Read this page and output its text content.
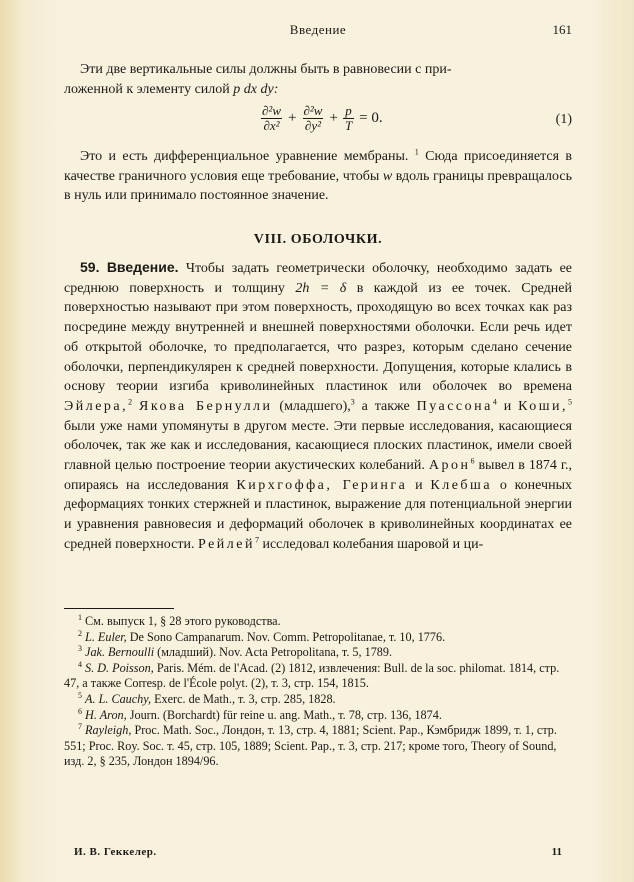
Введение	161

Эти две вертикальные силы должны быть в равновесии с при-

ложенной к элементу силой p dx dy:

$\frac{\text{∂²w}}{\text{∂x²}} + \frac{\text{∂²w}}{\text{∂y²}} + \frac{p}{T} = 0$.	(1)

Это и есть дифференциальное уравнение мембраны. $^1$ Сюда присоединяется в качестве граничного условия еще требование, чтобы w вдоль границы превращалось в нуль или принимало постоянное значение.

VIII. ОБОЛОЧКИ.

59. Введение. Чтобы задать геометрически оболочку, необходимо задать ее среднюю поверхность и толщину 2h = δ в каждой из ее точек. Средней поверхностью называют при этом поверхность, проходящую во всех точках как раз посредине между внутренней и внешней поверхностями оболочки. Если речь идет об открытой оболочке, то предполагается, что разрез, которым сделано сечение оболочки, перпендикулярен к средней поверхности. Допущения, которые клались в основу теории изгиба криволинейных пластинок или оболочек во времена Эйлера,$^2$ Якова Бернулли (младшего),$^3$ а также Пуассона$^4$ и Коши,$^5$ были уже нами упомянуты в другом месте. Эти первые исследования, касающиеся оболочек, так же как и исследования, касающиеся плоских пластинок, имели своей главной целью построение теории акустических колебаний. Арон$^6$ вывел в 1874 г., опираясь на исследования Кирхгоффа, Геринга и Клебша о конечных деформациях тонких стержней и пластинок, выражение для потенциальной энергии и уравнения равновесия и деформаций оболочек в криволинейных координатах ее средней поверхности. Рейлей$^7$ исследовал колебания шаровой и ци-

$^1$ См. выпуск 1, § 28 этого руководства.

$^2$ L. Euler, De Sono Campanarum. Nov. Comm. Petropolitanae, т. 10, 1776.

$^3$ Jak. Bernoulli (младший). Nov. Acta Petropolitana, т. 5, 1789.

$^4$ S. D. Poisson, Paris. Mém. de l'Acad. (2) 1812, извлечения: Bull. de la soc. philomat. 1814, стр. 47, а также Corresp. de l'École polyt. (2), т. 3, стр. 154, 1815.

$^5$ A. L. Cauchy, Exerc. de Math., т. 3, стр. 285, 1828.

$^6$ H. Aron, Journ. (Borchardt) für reine u. ang. Math., т. 78, стр. 136, 1874.

$^7$ Rayleigh, Proc. Math. Soc., Лондон, т. 13, стр. 4, 1881; Scient. Pap., Кэмбридж 1899, т. 1, стр. 551; Proc. Roy. Soc. т. 45, стр. 105, 1889; Scient. Pap., т. 3, стр. 217; кроме того, Theory of Sound, изд. 2, § 235, Лондон 1894/96.

И. В. Геккелер.	11
